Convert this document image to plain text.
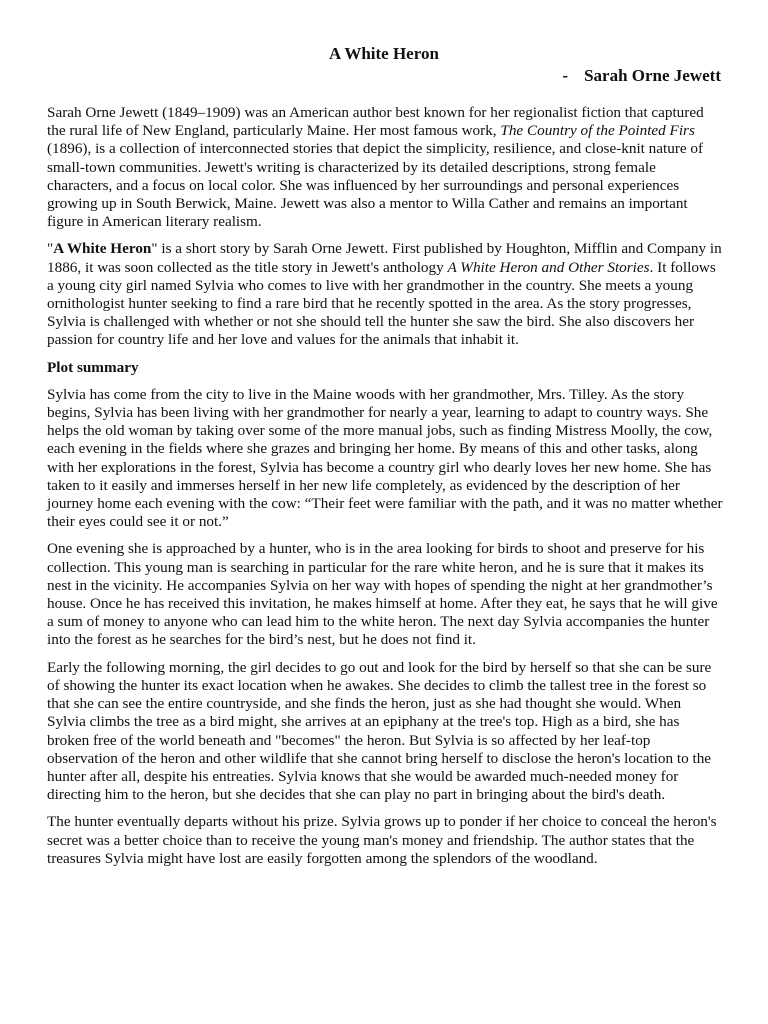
A White Heron
- Sarah Orne Jewett

Sarah Orne Jewett (1849–1909) was an American author best known for her regionalist fiction that captured the rural life of New England, particularly Maine. Her most famous work, The Country of the Pointed Firs (1896), is a collection of interconnected stories that depict the simplicity, resilience, and close-knit nature of small-town communities. Jewett's writing is characterized by its detailed descriptions, strong female characters, and a focus on local color. She was influenced by her surroundings and personal experiences growing up in South Berwick, Maine. Jewett was also a mentor to Willa Cather and remains an important figure in American literary realism.

"A White Heron" is a short story by Sarah Orne Jewett. First published by Houghton, Mifflin and Company in 1886, it was soon collected as the title story in Jewett's anthology A White Heron and Other Stories. It follows a young city girl named Sylvia who comes to live with her grandmother in the country. She meets a young ornithologist hunter seeking to find a rare bird that he recently spotted in the area. As the story progresses, Sylvia is challenged with whether or not she should tell the hunter she saw the bird. She also discovers her passion for country life and her love and values for the animals that inhabit it.

Plot summary

Sylvia has come from the city to live in the Maine woods with her grandmother, Mrs. Tilley. As the story begins, Sylvia has been living with her grandmother for nearly a year, learning to adapt to country ways. She helps the old woman by taking over some of the more manual jobs, such as finding Mistress Moolly, the cow, each evening in the fields where she grazes and bringing her home. By means of this and other tasks, along with her explorations in the forest, Sylvia has become a country girl who dearly loves her new home. She has taken to it easily and immerses herself in her new life completely, as evidenced by the description of her journey home each evening with the cow: “Their feet were familiar with the path, and it was no matter whether their eyes could see it or not.”

One evening she is approached by a hunter, who is in the area looking for birds to shoot and preserve for his collection. This young man is searching in particular for the rare white heron, and he is sure that it makes its nest in the vicinity. He accompanies Sylvia on her way with hopes of spending the night at her grandmother’s house. Once he has received this invitation, he makes himself at home. After they eat, he says that he will give a sum of money to anyone who can lead him to the white heron. The next day Sylvia accompanies the hunter into the forest as he searches for the bird’s nest, but he does not find it.

Early the following morning, the girl decides to go out and look for the bird by herself so that she can be sure of showing the hunter its exact location when he awakes. She decides to climb the tallest tree in the forest so that she can see the entire countryside, and she finds the heron, just as she had thought she would. When Sylvia climbs the tree as a bird might, she arrives at an epiphany at the tree's top. High as a bird, she has broken free of the world beneath and "becomes" the heron. But Sylvia is so affected by her leaf-top observation of the heron and other wildlife that she cannot bring herself to disclose the heron's location to the hunter after all, despite his entreaties. Sylvia knows that she would be awarded much-needed money for directing him to the heron, but she decides that she can play no part in bringing about the bird's death.

The hunter eventually departs without his prize. Sylvia grows up to ponder if her choice to conceal the heron's secret was a better choice than to receive the young man's money and friendship. The author states that the treasures Sylvia might have lost are easily forgotten among the splendors of the woodland.
